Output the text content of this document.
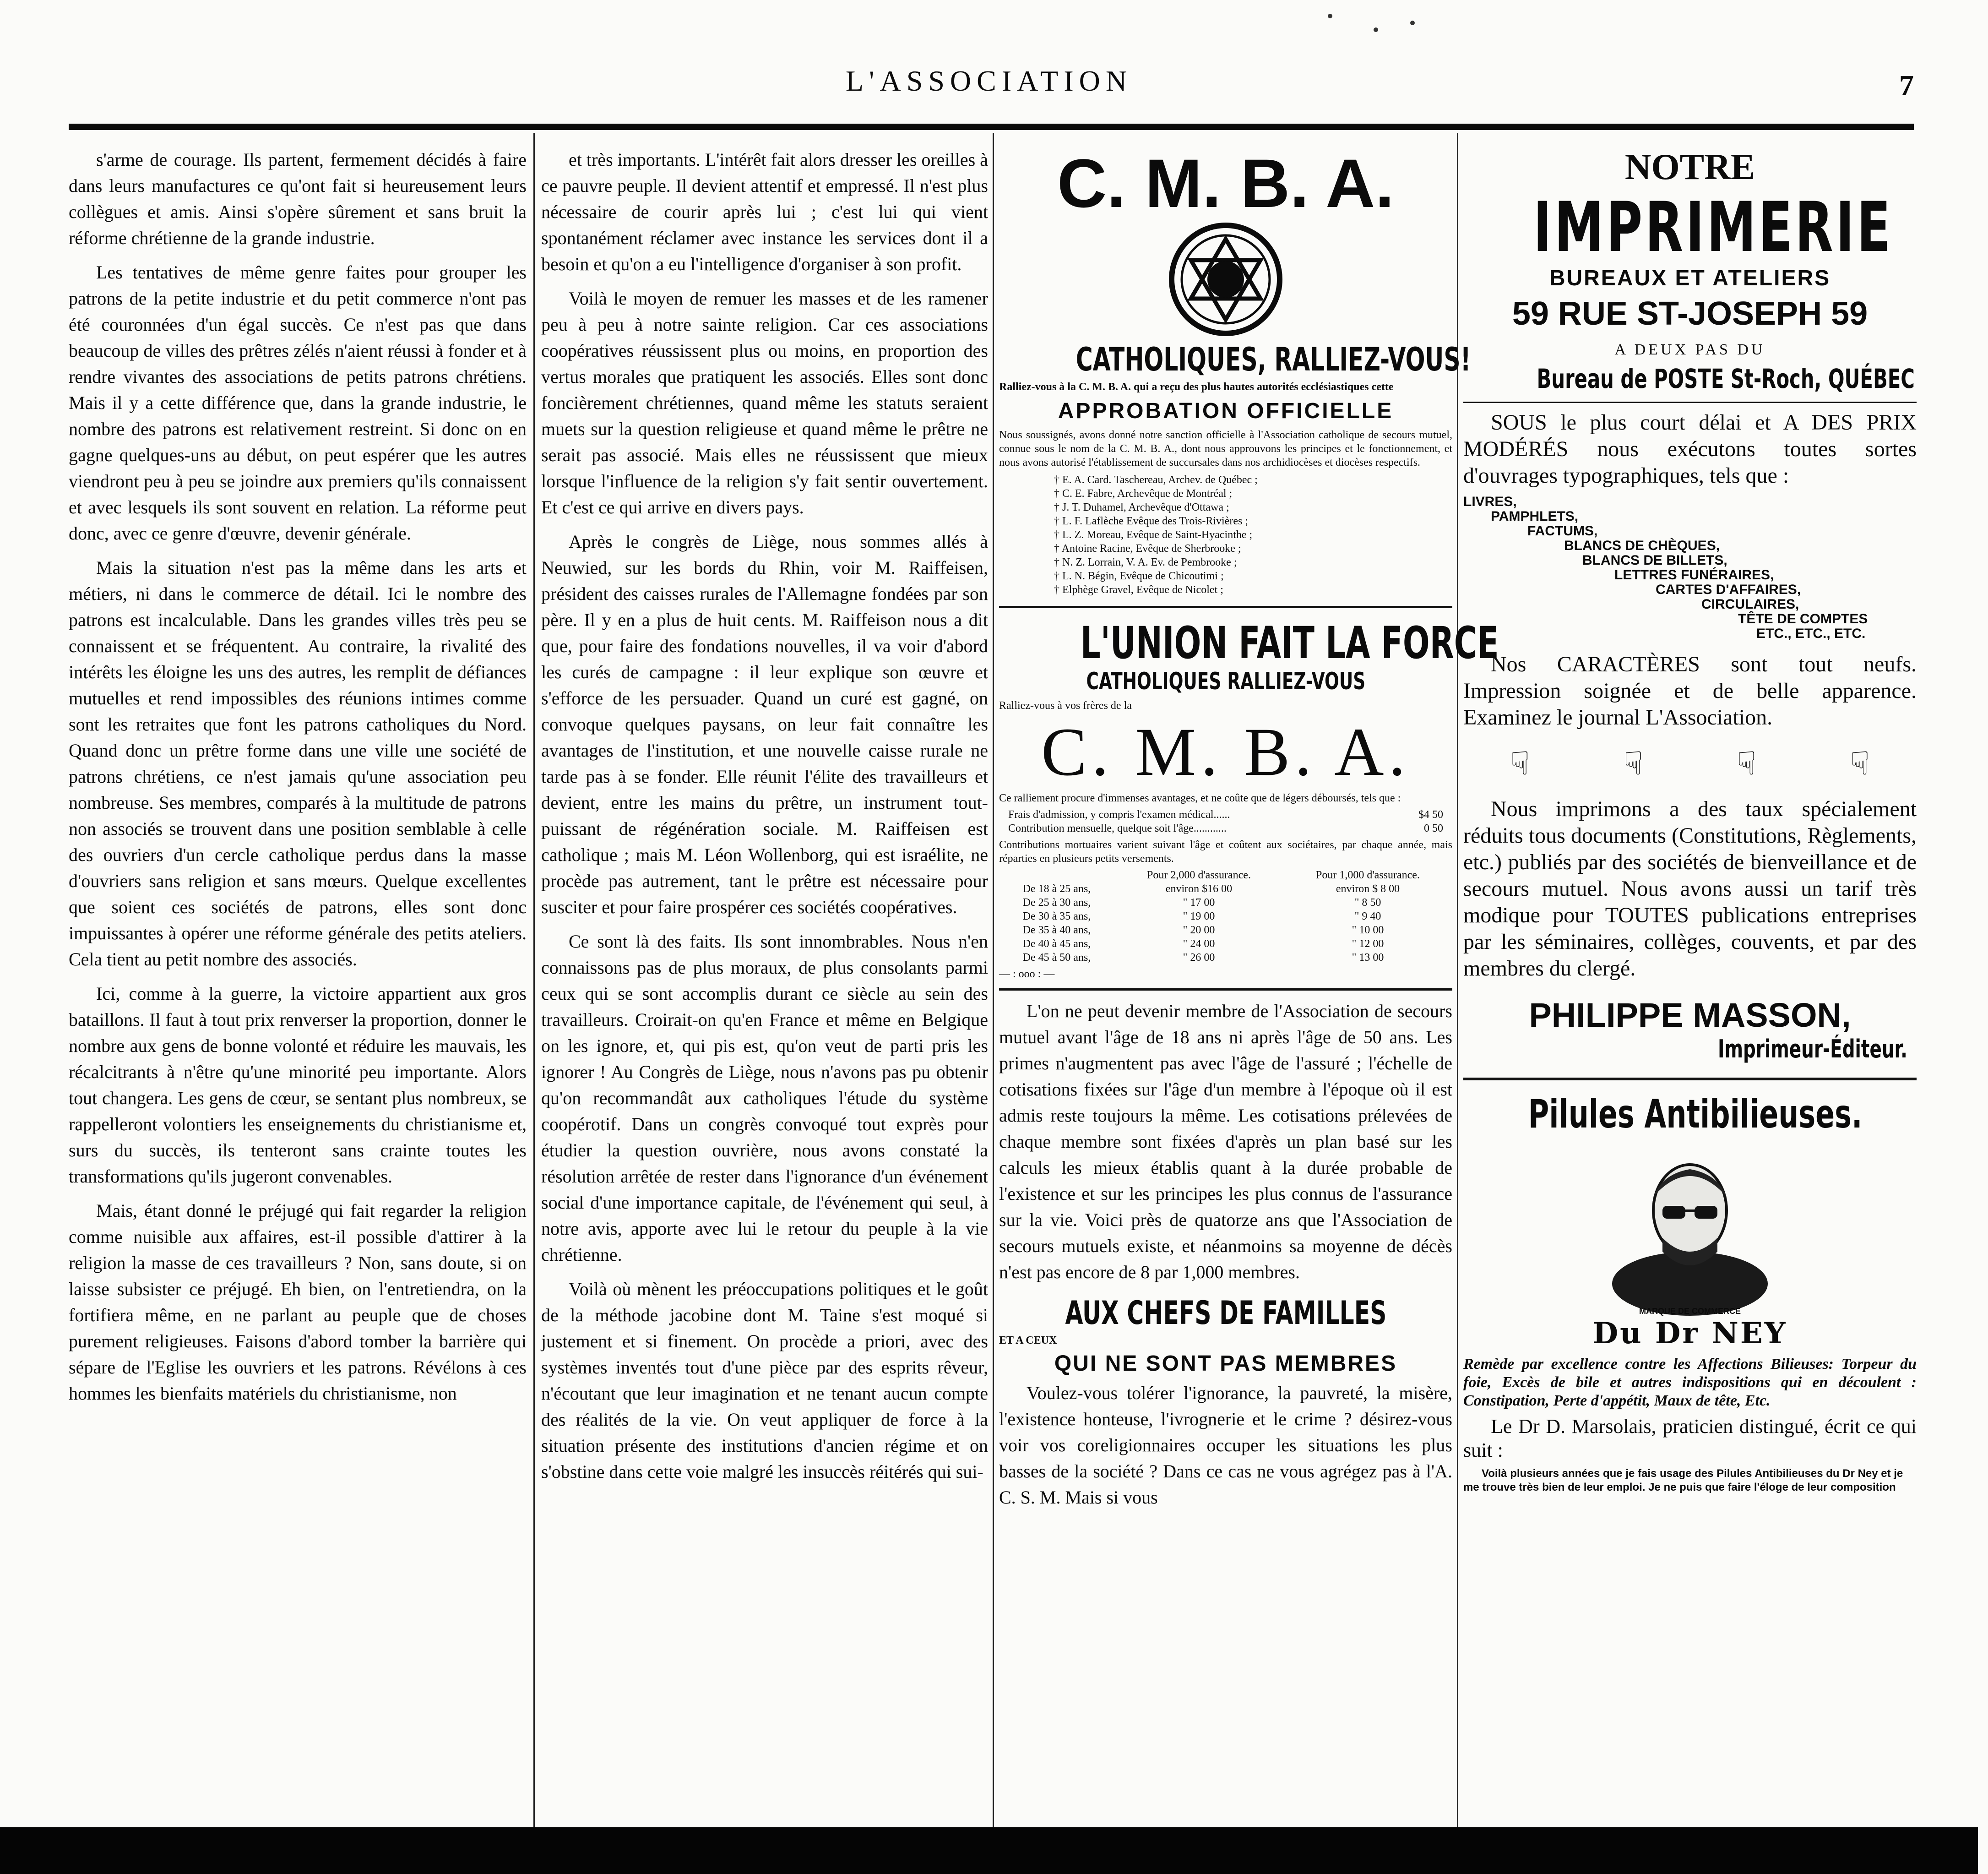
L'ASSOCIATION	7

s'arme de courage. Ils partent, fermement décidés à faire dans leurs manufactures ce qu'ont fait si heureusement leurs collègues et amis. Ainsi s'opère sûrement et sans bruit la réforme chrétienne de la grande industrie.

Les tentatives de même genre faites pour grouper les patrons de la petite industrie et du petit commerce n'ont pas été couronnées d'un égal succès. Ce n'est pas que dans beaucoup de villes des prêtres zélés n'aient réussi à fonder et à rendre vivantes des associations de petits patrons chrétiens. Mais il y a cette différence que, dans la grande industrie, le nombre des patrons est relativement restreint. Si donc on en gagne quelques-uns au début, on peut espérer que les autres viendront peu à peu se joindre aux premiers qu'ils connaissent et avec lesquels ils sont souvent en relation. La réforme peut donc, avec ce genre d'œuvre, devenir générale.

Mais la situation n'est pas la même dans les arts et métiers, ni dans le commerce de détail. Ici le nombre des patrons est incalculable. Dans les grandes villes très peu se connaissent et se fréquentent. Au contraire, la rivalité des intérêts les éloigne les uns des autres, les remplit de défiances mutuelles et rend impossibles des réunions intimes comme sont les retraites que font les patrons catholiques du Nord. Quand donc un prêtre forme dans une ville une société de patrons chrétiens, ce n'est jamais qu'une association peu nombreuse. Ses membres, comparés à la multitude de patrons non associés se trouvent dans une position semblable à celle des ouvriers d'un cercle catholique perdus dans la masse d'ouvriers sans religion et sans mœurs. Quelque excellentes que soient ces sociétés de patrons, elles sont donc impuissantes à opérer une réforme générale des petits ateliers. Cela tient au petit nombre des associés.

Ici, comme à la guerre, la victoire appartient aux gros bataillons. Il faut à tout prix renverser la proportion, donner le nombre aux gens de bonne volonté et réduire les mauvais, les récalcitrants à n'être qu'une minorité peu importante. Alors tout changera. Les gens de cœur, se sentant plus nombreux, se rappelleront volontiers les enseignements du christianisme et, surs du succès, ils tenteront sans crainte toutes les transformations qu'ils jugeront convenables.

Mais, étant donné le préjugé qui fait regarder la religion comme nuisible aux affaires, est-il possible d'attirer à la religion la masse de ces travailleurs ? Non, sans doute, si on laisse subsister ce préjugé. Eh bien, on l'entretiendra, on la fortifiera même, en ne parlant au peuple que de choses purement religieuses. Faisons d'abord tomber la barrière qui sépare de l'Eglise les ouvriers et les patrons. Révélons à ces hommes les bienfaits matériels du christianisme, non

et très importants. L'intérêt fait alors dresser les oreilles à ce pauvre peuple. Il devient attentif et empressé. Il n'est plus nécessaire de courir après lui ; c'est lui qui vient spontanément réclamer avec instance les services dont il a besoin et qu'on a eu l'intelligence d'organiser à son profit.

Voilà le moyen de remuer les masses et de les ramener peu à peu à notre sainte religion. Car ces associations coopératives réussissent plus ou moins, en proportion des vertus morales que pratiquent les associés. Elles sont donc foncièrement chrétiennes, quand même les statuts seraient muets sur la question religieuse et quand même le prêtre ne serait pas associé. Mais elles ne réussissent que mieux lorsque l'influence de la religion s'y fait sentir ouvertement. Et c'est ce qui arrive en divers pays.

Après le congrès de Liège, nous sommes allés à Neuwied, sur les bords du Rhin, voir M. Raiffeisen, président des caisses rurales de l'Allemagne fondées par son père. Il y en a plus de huit cents. M. Raiffeison nous a dit que, pour faire des fondations nouvelles, il va voir d'abord les curés de campagne : il leur explique son œuvre et s'efforce de les persuader. Quand un curé est gagné, on convoque quelques paysans, on leur fait connaître les avantages de l'institution, et une nouvelle caisse rurale ne tarde pas à se fonder. Elle réunit l'élite des travailleurs et devient, entre les mains du prêtre, un instrument tout-puissant de régénération sociale. M. Raiffeisen est catholique ; mais M. Léon Wollenborg, qui est israélite, ne procède pas autrement, tant le prêtre est nécessaire pour susciter et pour faire prospérer ces sociétés coopératives.

Ce sont là des faits. Ils sont innombrables. Nous n'en connaissons pas de plus moraux, de plus consolants parmi ceux qui se sont accomplis durant ce siècle au sein des travailleurs. Croirait-on qu'en France et même en Belgique on les ignore, et, qui pis est, qu'on veut de parti pris les ignorer ! Au Congrès de Liège, nous n'avons pas pu obtenir qu'on recommandât aux catholiques l'étude du système coopérotif. Dans un congrès convoqué tout exprès pour étudier la question ouvrière, nous avons constaté la résolution arrêtée de rester dans l'ignorance d'un événement social d'une importance capitale, de l'événement qui seul, à notre avis, apporte avec lui le retour du peuple à la vie chrétienne.

Voilà où mènent les préoccupations politiques et le goût de la méthode jacobine dont M. Taine s'est moqué si justement et si finement. On procède a priori, avec des systèmes inventés tout d'une pièce par des esprits rêveur, n'écoutant que leur imagination et ne tenant aucun compte des réalités de la vie. On veut appliquer de force à la situation présente des institutions d'ancien régime et on s'obstine dans cette voie malgré les insuccès réitérés qui sui-

C. M. B. A.
CATHOLIQUES, RALLIEZ-VOUS!
Ralliez-vous à la C. M. B. A. qui a reçu des plus hautes autorités ecclésiastiques cette
APPROBATION OFFICIELLE
Nous soussignés, avons donné notre sanction officielle à l'Association catholique de secours mutuel, connue sous le nom de la C. M. B. A., dont nous approuvons les principes et le fonctionnement, et nous avons autorisé l'établissement de succursales dans nos archidiocèses et diocèses respectifs.
† E. A. Card. Taschereau, Archev. de Québec ;
† C. E. Fabre, Archevêque de Montréal ;
† J. T. Duhamel, Archevêque d'Ottawa ;
† L. F. Laflèche Evêque des Trois-Rivières ;
† L. Z. Moreau, Evêque de Saint-Hyacinthe ;
† Antoine Racine, Evêque de Sherbrooke ;
† N. Z. Lorrain, V. A. Ev. de Pembrooke ;
† L. N. Bégin, Evêque de Chicoutimi ;
† Elphège Gravel, Evêque de Nicolet ;
L'UNION FAIT LA FORCE
CATHOLIQUES RALLIEZ-VOUS
Ralliez-vous à vos frères de la
C. M. B. A.
Ce ralliement procure d'immenses avantages, et ne coûte que de légers déboursés, tels que :
Frais d'admission, y compris l'examen médical......	$4 50
Contribution mensuelle, quelque soit l'âge............	0 50
Contributions mortuaires varient suivant l'âge et coûtent aux sociétaires, par chaque année, mais réparties en plusieurs petits versements.
	Pour 2,000 d'assurance.	Pour 1,000 d'assurance.
De 18 à 25 ans,	environ $16 00	environ $ 8 00
De 25 à 30 ans,	" 17 00	" 8 50
De 30 à 35 ans,	" 19 00	" 9 40
De 35 à 40 ans,	" 20 00	" 10 00
De 40 à 45 ans,	" 24 00	" 12 00
De 45 à 50 ans,	" 26 00	" 13 00
— : ooo : —

L'on ne peut devenir membre de l'Association de secours mutuel avant l'âge de 18 ans ni après l'âge de 50 ans. Les primes n'augmentent pas avec l'âge de l'assuré ; l'échelle de cotisations fixées sur l'âge d'un membre à l'époque où il est admis reste toujours la même. Les cotisations prélevées de chaque membre sont fixées d'après un plan basé sur les calculs les mieux établis quant à la durée probable de l'existence et sur les principes les plus connus de l'assurance sur la vie. Voici près de quatorze ans que l'Association de secours mutuels existe, et néanmoins sa moyenne de décès n'est pas encore de 8 par 1,000 membres.

AUX CHEFS DE FAMILLES
ET A CEUX
QUI NE SONT PAS MEMBRES

Voulez-vous tolérer l'ignorance, la pauvreté, la misère, l'existence honteuse, l'ivrognerie et le crime ? désirez-vous voir vos coreligionnaires occuper les situations les plus basses de la société ? Dans ce cas ne vous agrégez pas à l'A. C. S. M. Mais si vous

NOTRE
IMPRIMERIE
BUREAUX ET ATELIERS
59 RUE ST-JOSEPH 59
A DEUX PAS DU
Bureau de POSTE St-Roch, QUÉBEC

SOUS le plus court délai et A DES PRIX MODÉRÉS nous exécutons toutes sortes d'ouvrages typographiques, tels que :

LIVRES,
PAMPHLETS,
FACTUMS,
BLANCS DE CHÈQUES,
BLANCS DE BILLETS,
LETTRES FUNÉRAIRES,
CARTES D'AFFAIRES,
CIRCULAIRES,
TÊTE DE COMPTES
ETC., ETC., ETC.

Nos CARACTÈRES sont tout neufs. Impression soignée et de belle apparence. Examinez le journal L'Association.

☟	☟	☟	☟

Nous imprimons a des taux spécialement réduits tous documents (Constitutions, Règlements, etc.) publiés par des sociétés de bienveillance et de secours mutuel. Nous avons aussi un tarif très modique pour TOUTES publications entreprises par les séminaires, collèges, couvents, et par des membres du clergé.

PHILIPPE MASSON,
Imprimeur-Éditeur.
Pilules Antibilieuses.
MARQUE DE COMMERCE
Du Dr NEY
Remède par excellence contre les Affections Bilieuses: Torpeur du foie, Excès de bile et autres indispositions qui en découlent : Constipation, Perte d'appétit, Maux de tête, Etc.

Le Dr D. Marsolais, praticien distingué, écrit ce qui suit :

Voilà plusieurs années que je fais usage des Pilules Antibilieuses du Dr Ney et je me trouve très bien de leur emploi. Je ne puis que faire l'éloge de leur composition
